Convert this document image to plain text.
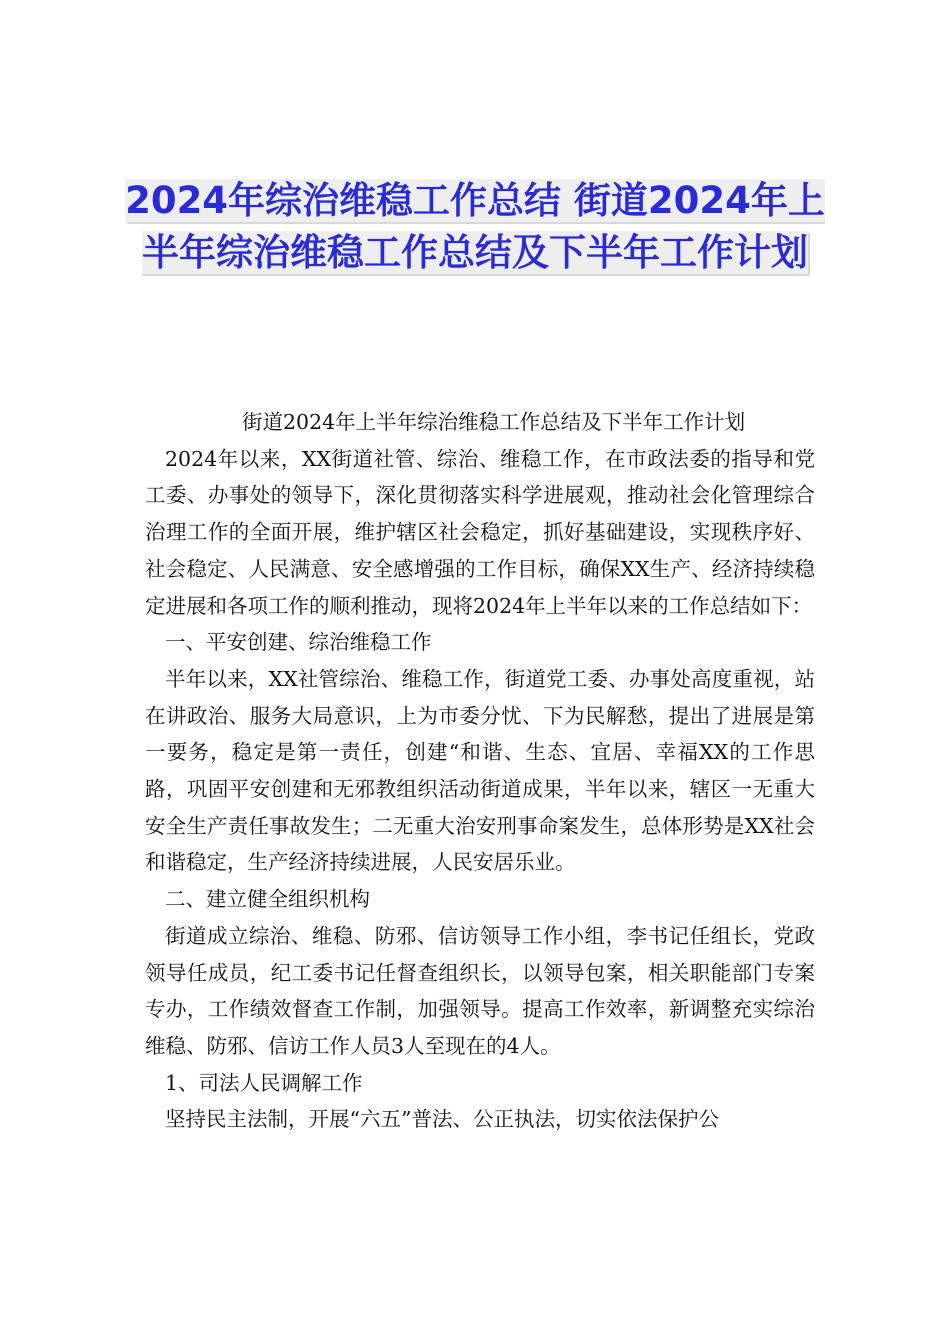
2024年综治维稳工作总结 街道2024年上半年综治维稳工作总结及下半年工作计划

街道2024年上半年综治维稳工作总结及下半年工作计划

2024年以来，XX街道社管、综治、维稳工作，在市政法委的指导和党工委、办事处的领导下，深化贯彻落实科学进展观，推动社会化管理综合治理工作的全面开展，维护辖区社会稳定，抓好基础建设，实现秩序好、社会稳定、人民满意、安全感增强的工作目标，确保XX生产、经济持续稳定进展和各项工作的顺利推动，现将2024年上半年以来的工作总结如下：

一、平安创建、综治维稳工作

半年以来，XX社管综治、维稳工作，街道党工委、办事处高度重视，站在讲政治、服务大局意识，上为市委分忧、下为民解愁，提出了进展是第一要务，稳定是第一责任，创建“和谐、生态、宜居、幸福XX的工作思路，巩固平安创建和无邪教组织活动街道成果，半年以来，辖区一无重大安全生产责任事故发生；二无重大治安刑事命案发生，总体形势是XX社会和谐稳定，生产经济持续进展，人民安居乐业。

二、建立健全组织机构

街道成立综治、维稳、防邪、信访领导工作小组，李书记任组长，党政领导任成员，纪工委书记任督查组织长，以领导包案，相关职能部门专案专办，工作绩效督查工作制，加强领导。提高工作效率，新调整充实综治维稳、防邪、信访工作人员3人至现在的4人。

1、司法人民调解工作

坚持民主法制，开展“六五”普法、公正执法，切实依法保护公
